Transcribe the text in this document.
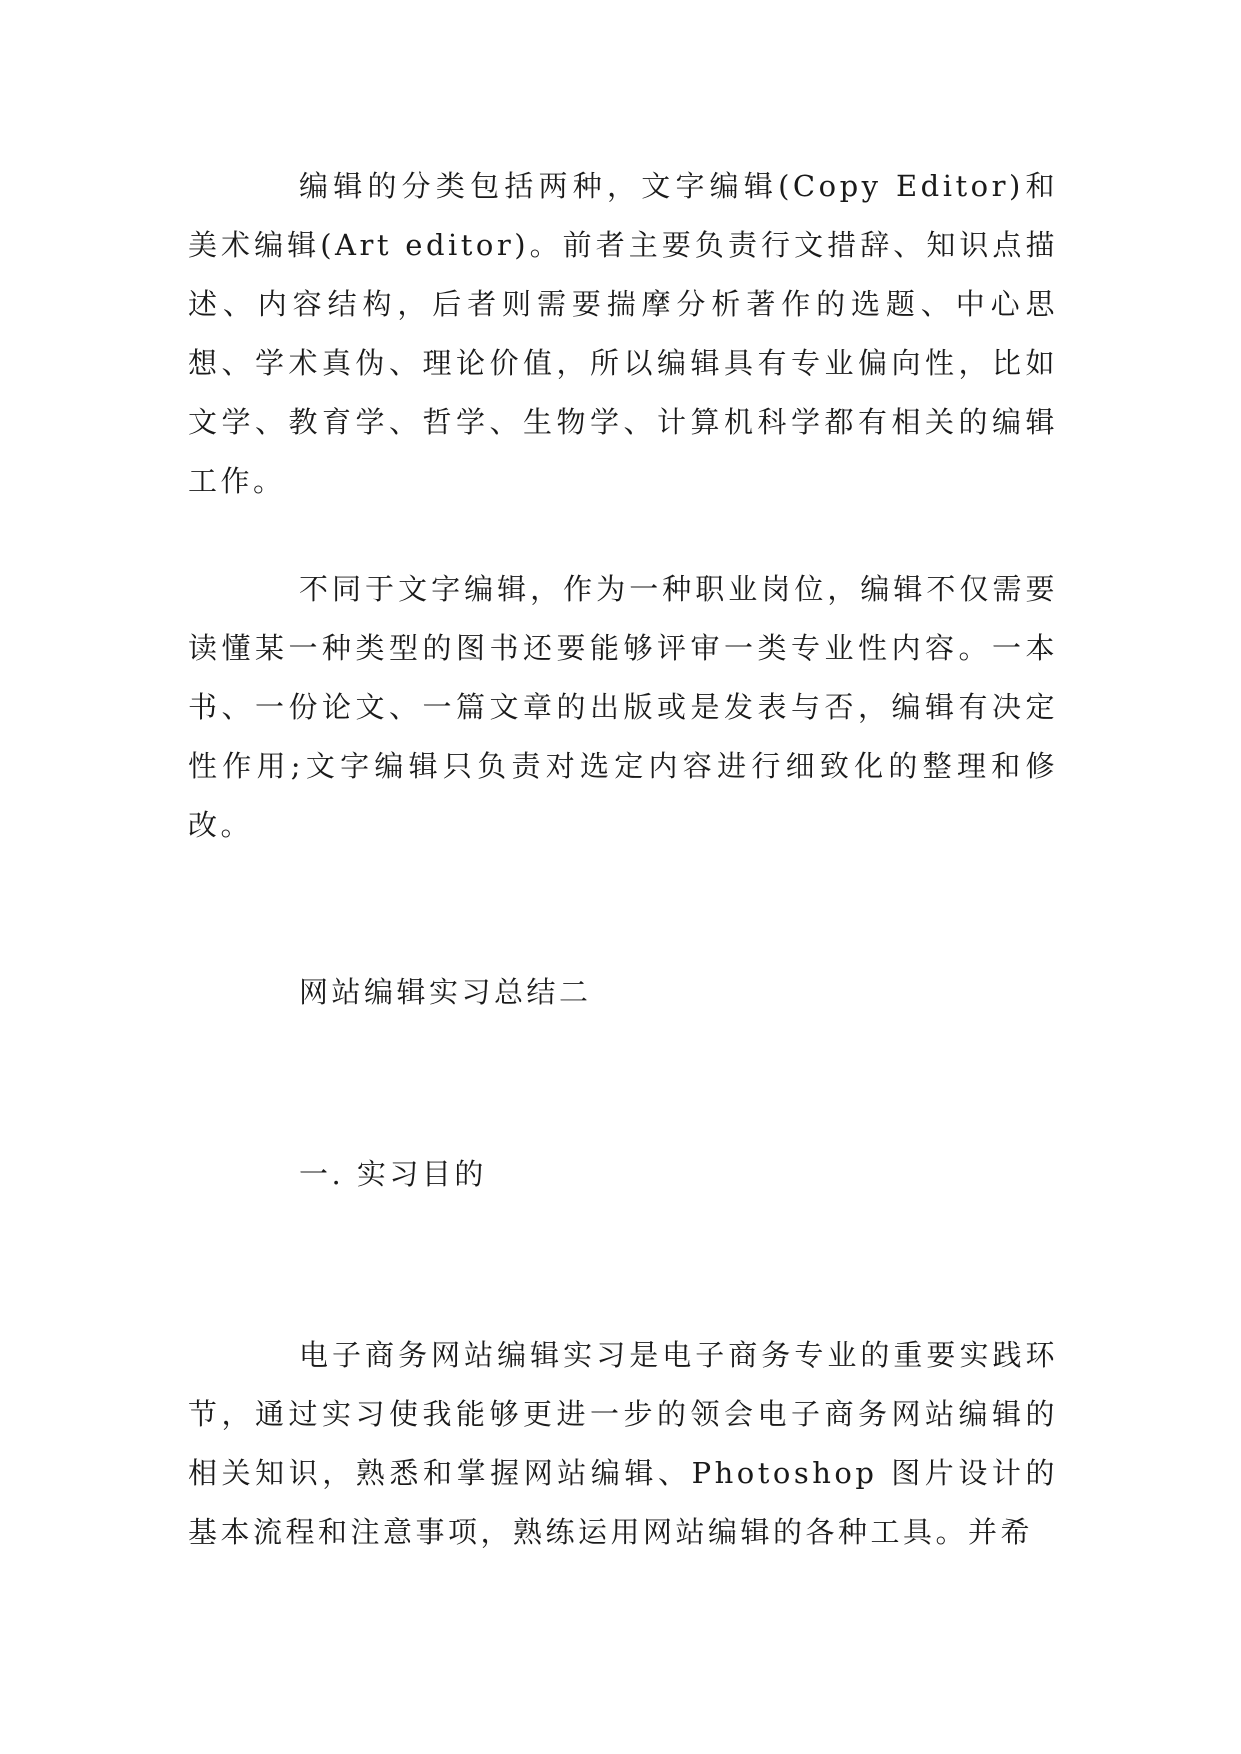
编辑的分类包括两种，文字编辑(Copy Editor)和美术编辑(Art editor)。前者主要负责行文措辞、知识点描述、内容结构，后者则需要揣摩分析著作的选题、中心思想、学术真伪、理论价值，所以编辑具有专业偏向性，比如文学、教育学、哲学、生物学、计算机科学都有相关的编辑工作。

不同于文字编辑，作为一种职业岗位，编辑不仅需要读懂某一种类型的图书还要能够评审一类专业性内容。一本书、一份论文、一篇文章的出版或是发表与否，编辑有决定性作用;文字编辑只负责对选定内容进行细致化的整理和修改。

网站编辑实习总结二

一. 实习目的

电子商务网站编辑实习是电子商务专业的重要实践环节，通过实习使我能够更进一步的领会电子商务网站编辑的相关知识，熟悉和掌握网站编辑、Photoshop 图片设计的基本流程和注意事项，熟练运用网站编辑的各种工具。并希
